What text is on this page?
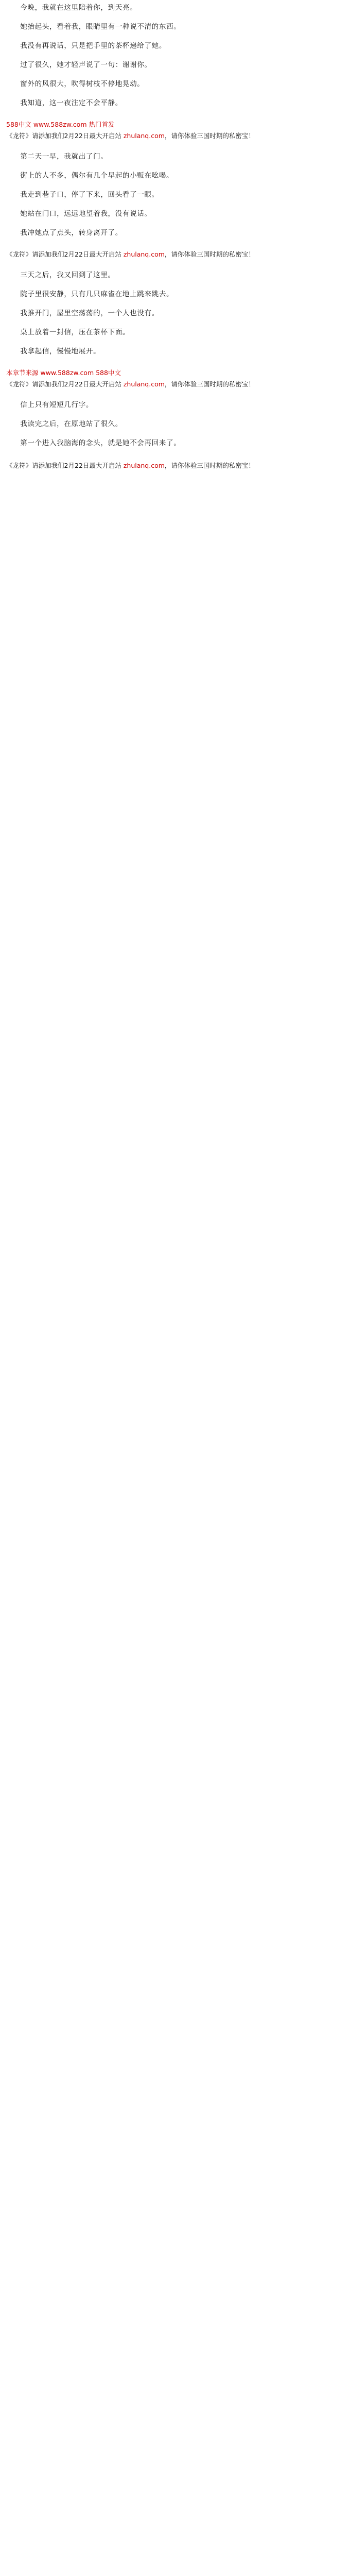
今晚，我就在这里陪着你，到天亮。

她抬起头，看着我，眼睛里有一种说不清的东西。

我没有再说话，只是把手里的茶杯递给了她。

过了很久，她才轻声说了一句：谢谢你。

窗外的风很大，吹得树枝不停地晃动。

我知道，这一夜注定不会平静。

588中文 www.588zw.com 热门首发
《龙符》请添加我们2月22日最大开启站 zhulanq.com，请你体验三国时期的私密宝！

第二天一早，我就出了门。

街上的人不多，偶尔有几个早起的小贩在吆喝。

我走到巷子口，停了下来，回头看了一眼。

她站在门口，远远地望着我，没有说话。

我冲她点了点头，转身离开了。

《龙符》请添加我们2月22日最大开启站 zhulanq.com，请你体验三国时期的私密宝！

三天之后，我又回到了这里。

院子里很安静，只有几只麻雀在地上跳来跳去。

我推开门，屋里空荡荡的，一个人也没有。

桌上放着一封信，压在茶杯下面。

我拿起信，慢慢地展开。

本章节来源 www.588zw.com 588中文
《龙符》请添加我们2月22日最大开启站 zhulanq.com，请你体验三国时期的私密宝！

信上只有短短几行字。

我读完之后，在原地站了很久。

第一个进入我脑海的念头，就是她不会再回来了。

《龙符》请添加我们2月22日最大开启站 zhulanq.com，请你体验三国时期的私密宝！
